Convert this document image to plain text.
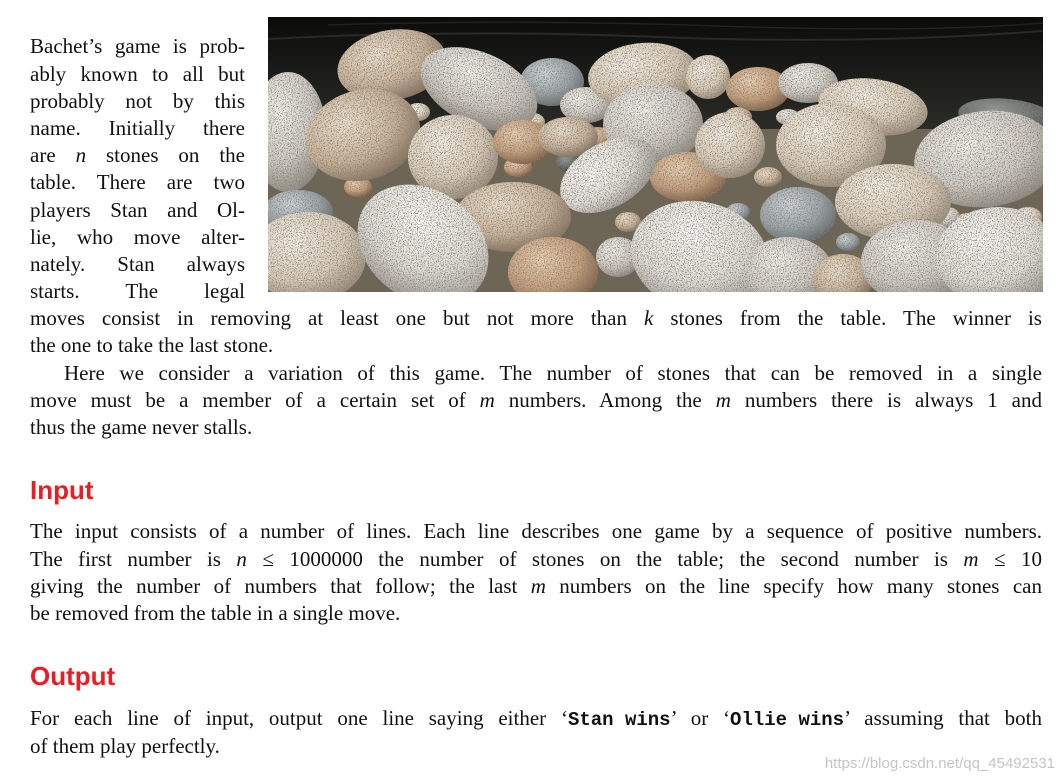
Bachet’s game is prob-
ably known to all but
probably not by this
name. Initially there
are n stones on the
table. There are two
players Stan and Ol-
lie, who move alter-
nately. Stan always
starts. The legal
moves consist in removing at least one but not more than k stones from the table. The winner is
the one to take the last stone.
Here we consider a variation of this game. The number of stones that can be removed in a single
move must be a member of a certain set of m numbers. Among the m numbers there is always 1 and
thus the game never stalls.
Input
The input consists of a number of lines. Each line describes one game by a sequence of positive numbers.
The first number is n ≤ 1000000 the number of stones on the table; the second number is m ≤ 10
giving the number of numbers that follow; the last m numbers on the line specify how many stones can
be removed from the table in a single move.
Output
For each line of input, output one line saying either ‘Stan wins’ or ‘Ollie wins’ assuming that both
of them play perfectly.
https://blog.csdn.net/qq_45492531
